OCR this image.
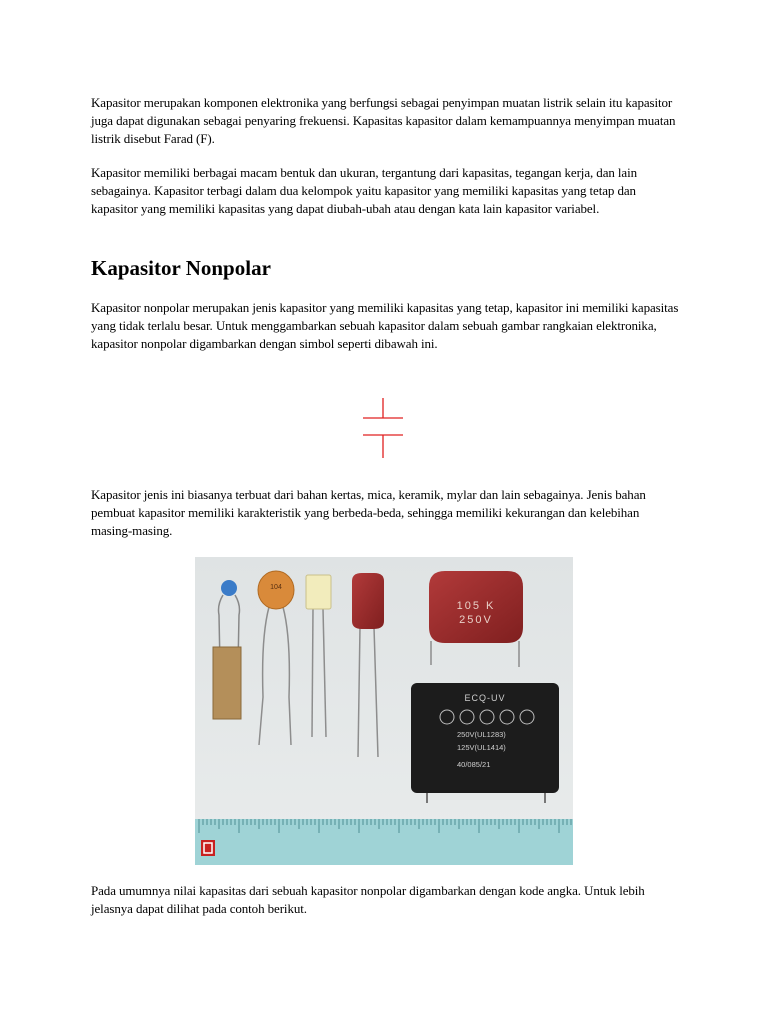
Kapasitor merupakan komponen elektronika yang berfungsi sebagai penyimpan muatan listrik selain itu kapasitor juga dapat digunakan sebagai penyaring frekuensi. Kapasitas kapasitor dalam kemampuannya menyimpan muatan listrik disebut Farad (F).

Kapasitor memiliki berbagai macam bentuk dan ukuran, tergantung dari kapasitas, tegangan kerja, dan lain sebagainya. Kapasitor terbagi dalam dua kelompok yaitu kapasitor yang memiliki kapasitas yang tetap dan kapasitor yang memiliki kapasitas yang dapat diubah-ubah atau dengan kata lain kapasitor variabel.

Kapasitor Nonpolar

Kapasitor nonpolar merupakan jenis kapasitor yang memiliki kapasitas yang tetap, kapasitor ini memiliki kapasitas yang tidak terlalu besar. Untuk menggambarkan sebuah kapasitor dalam sebuah gambar rangkaian elektronika, kapasitor nonpolar digambarkan dengan simbol seperti dibawah ini.

Kapasitor jenis ini biasanya terbuat dari bahan kertas, mica, keramik, mylar dan lain sebagainya. Jenis bahan pembuat kapasitor memiliki karakteristik yang berbeda-beda, sehingga memiliki kekurangan dan kelebihan masing-masing.

104
105 K
250V
ECQ-UV
250V(UL1283)
125V(UL1414)
40/085/21

Pada umumnya nilai kapasitas dari sebuah kapasitor nonpolar digambarkan dengan kode angka. Untuk lebih jelasnya dapat dilihat pada contoh berikut.
